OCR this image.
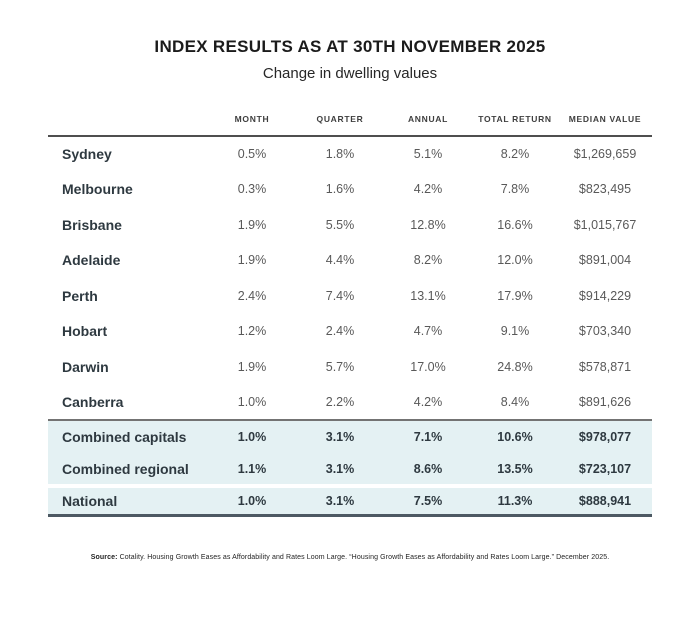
INDEX RESULTS AS AT 30TH NOVEMBER 2025

Change in dwelling values

	MONTH	QUARTER	ANNUAL	TOTAL RETURN	MEDIAN VALUE
Sydney	0.5%	1.8%	5.1%	8.2%	$1,269,659
Melbourne	0.3%	1.6%	4.2%	7.8%	$823,495
Brisbane	1.9%	5.5%	12.8%	16.6%	$1,015,767
Adelaide	1.9%	4.4%	8.2%	12.0%	$891,004
Perth	2.4%	7.4%	13.1%	17.9%	$914,229
Hobart	1.2%	2.4%	4.7%	9.1%	$703,340
Darwin	1.9%	5.7%	17.0%	24.8%	$578,871
Canberra	1.0%	2.2%	4.2%	8.4%	$891,626
Combined capitals	1.0%	3.1%	7.1%	10.6%	$978,077
Combined regional	1.1%	3.1%	8.6%	13.5%	$723,107
National	1.0%	3.1%	7.5%	11.3%	$888,941

Source: Cotality. Housing Growth Eases as Affordability and Rates Loom Large. “Housing Growth Eases as Affordability and Rates Loom Large.” December 2025.
